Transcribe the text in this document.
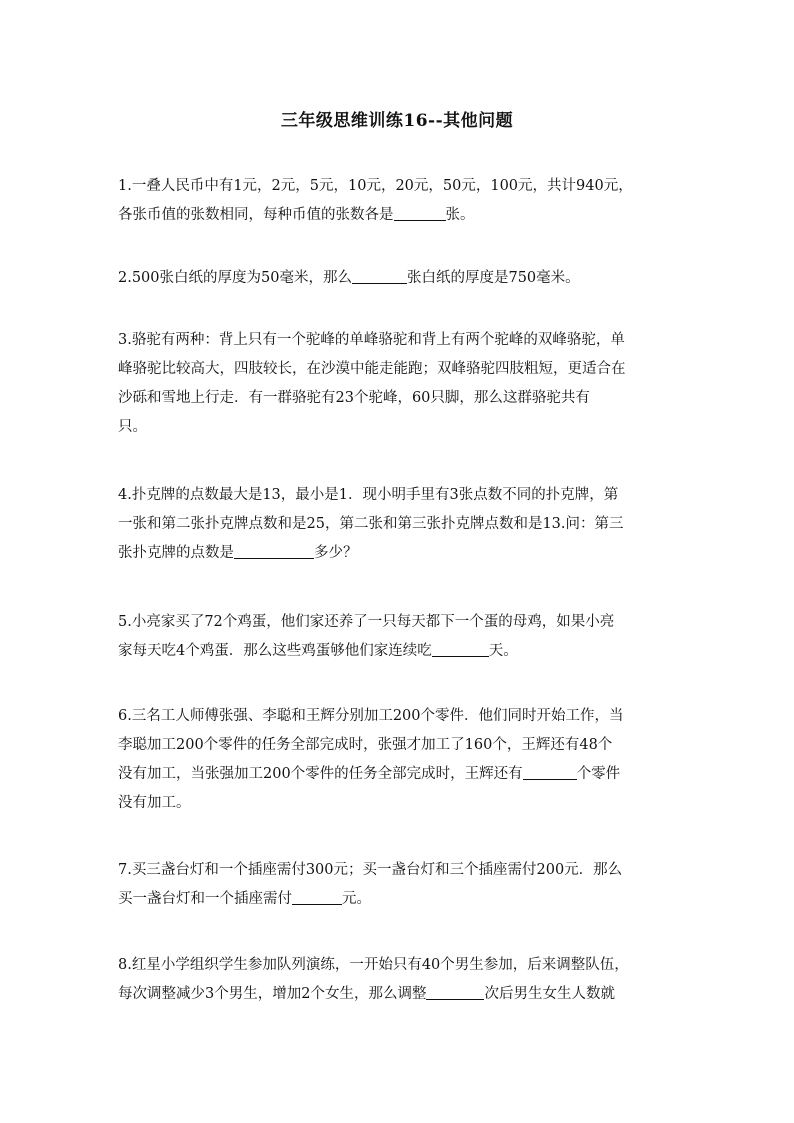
三年级思维训练16--其他问题
1.一叠人民币中有1元，2元，5元，10元，20元，50元，100元，共计940元，
各张币值的张数相同，每种币值的张数各是	张。
2.500张白纸的厚度为50毫米，那么	张白纸的厚度是750毫米。
3.骆驼有两种：背上只有一个驼峰的单峰骆驼和背上有两个驼峰的双峰骆驼，单
峰骆驼比较高大，四肢较长，在沙漠中能走能跑；双峰骆驼四肢粗短，更适合在
沙砾和雪地上行走．有一群骆驼有23个驼峰，60只脚，那么这群骆驼共有
只。
4.扑克牌的点数最大是13，最小是1．现小明手里有3张点数不同的扑克牌，第
一张和第二张扑克牌点数和是25，第二张和第三张扑克牌点数和是13.问：第三
张扑克牌的点数是	多少？
5.小亮家买了72个鸡蛋，他们家还养了一只每天都下一个蛋的母鸡，如果小亮
家每天吃4个鸡蛋．那么这些鸡蛋够他们家连续吃	天。
6.三名工人师傅张强、李聪和王辉分别加工200个零件．他们同时开始工作，当
李聪加工200个零件的任务全部完成时，张强才加工了160个，王辉还有48个
没有加工，当张强加工200个零件的任务全部完成时，王辉还有	个零件
没有加工。
7.买三盏台灯和一个插座需付300元；买一盏台灯和三个插座需付200元．那么
买一盏台灯和一个插座需付	元。
8.红星小学组织学生参加队列演练，一开始只有40个男生参加，后来调整队伍，
每次调整减少3个男生，增加2个女生，那么调整	次后男生女生人数就
